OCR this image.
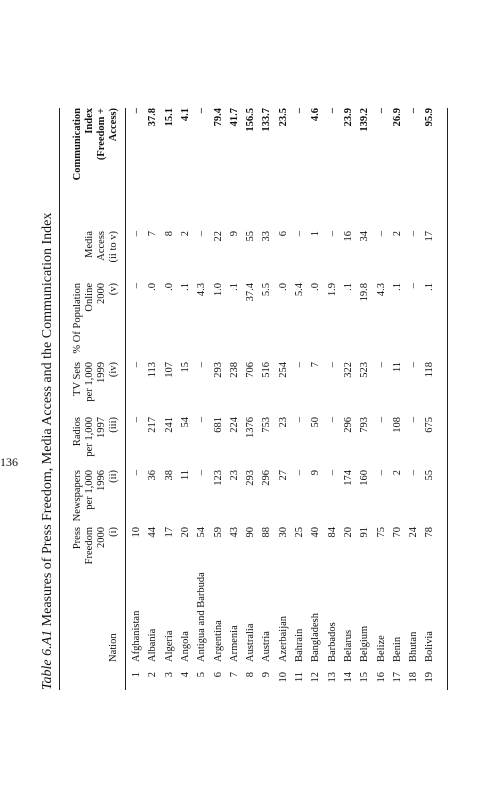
Table 6.A1 Measures of Press Freedom, Media Access and the Communication Index
Nation
Press Freedom 2000 (i)
Newspapers per 1,000 1996 (ii)
Radios per 1,000 1997 (iii)
TV Sets per 1,000 1999 (iv)
% Of Population Online 2000 (v)
Media Access (ii to v)
Communication Index (Freedom + Access)
1
Afghanistan
10
–
–
–
–
–
–
2
Albania
44
36
217
113
.0
7
37.8
3
Algeria
17
38
241
107
.0
8
15.1
4
Angola
20
11
54
15
.1
2
4.1
5
Antigua and Barbuda
54
–
–
–
4.3
–
–
6
Argentina
59
123
681
293
1.0
22
79.4
7
Armenia
43
23
224
238
.1
9
41.7
8
Australia
90
293
1376
706
37.4
55
156.5
9
Austria
88
296
753
516
5.5
33
133.7
10
Azerbaijan
30
27
23
254
.0
6
23.5
11
Bahrain
25
–
–
–
5.4
–
–
12
Bangladesh
40
9
50
7
.0
1
4.6
13
Barbados
84
–
–
–
1.9
–
–
14
Belarus
20
174
296
322
.1
16
23.9
15
Belgium
91
160
793
523
19.8
34
139.2
16
Belize
75
–
–
–
4.3
–
–
17
Benin
70
2
108
11
.1
2
26.9
18
Bhutan
24
–
–
–
–
–
–
19
Bolivia
78
55
675
118
.1
17
95.9
136
